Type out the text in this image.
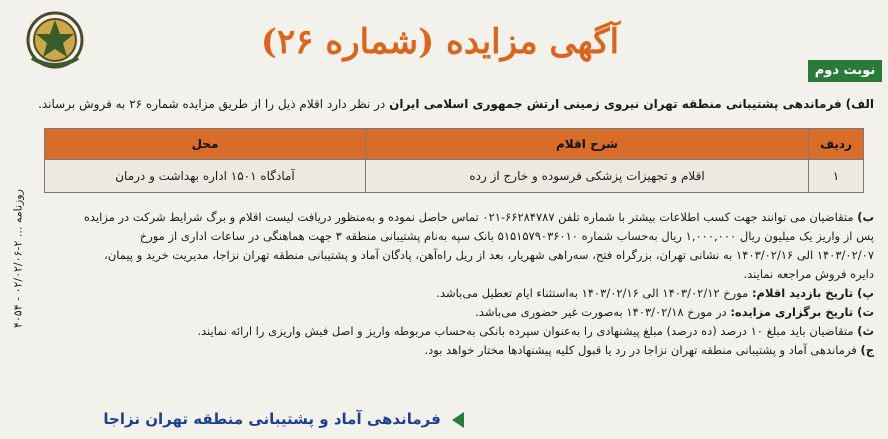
آگهی مزایده (شماره ۲۶)
نوبت دوم
الف) فرماندهی پشتیبانی منطقه تهران نیروی زمینی ارتش جمهوری اسلامی ایران در نظر دارد اقلام ذیل را از طریق مزایده شماره ۲۶ به فروش برساند.
ردیف	شرح اقلام	محل
۱	اقلام و تجهیزات پزشکی فرسوده و خارج از رده	آمادگاه ۱۵۰۱ اداره بهداشت و درمان
روزنامه ... ۲-۰۲/۰۲/۰۶ - ۴۰۵۴	ب) متقاضیان می توانند جهت کسب اطلاعات بیشتر با شماره تلفن ۶۶۲۸۴۷۸۷-۰۲۱ تماس حاصل نموده و به‌منظور دریافت لیست اقلام و برگ شرایط شرکت در مزایده

پس از واریز یک میلیون ریال ۱,۰۰۰,۰۰۰ ریال به‌حساب شماره ۵۱۵۱۵۷۹۰۳۶۰۱۰ بانک سپه به‌نام پشتیبانی منطقه ۳ جهت هماهنگی در ساعات اداری از مورخ

۱۴۰۳/۰۲/۰۷ الی ۱۴۰۳/۰۲/۱۶ به نشانی تهران، بزرگراه فتح، سه‌راهی شهریار، بعد از ریل راه‌آهن، پادگان آماد و پشتیبانی منطقه تهران نزاجا، مدیریت خرید و پیمان،

دایره فروش مراجعه نمایند.

پ) تاریخ بازدید اقلام: مورخ ۱۴۰۳/۰۲/۱۲ الی ۱۴۰۳/۰۲/۱۶ به‌استثناء ایام تعطیل می‌باشد.

ت) تاریخ برگزاری مزایده: در مورخ ۱۴۰۳/۰۲/۱۸ به‌صورت غیر حضوری می‌باشد.

ث) متقاضیان باید مبلغ ۱۰ درصد (ده درصد) مبلغ پیشنهادی را به‌عنوان سپرده بانکی به‌حساب مربوطه واریز و اصل فیش واریزی را ارائه نمایند.

ج) فرماندهی آماد و پشتیبانی منطقه تهران نزاجا در رد یا قبول کلیه پیشنهادها مختار خواهد بود.

فرماندهی آماد و پشتیبانی منطقه تهران نزاجا
